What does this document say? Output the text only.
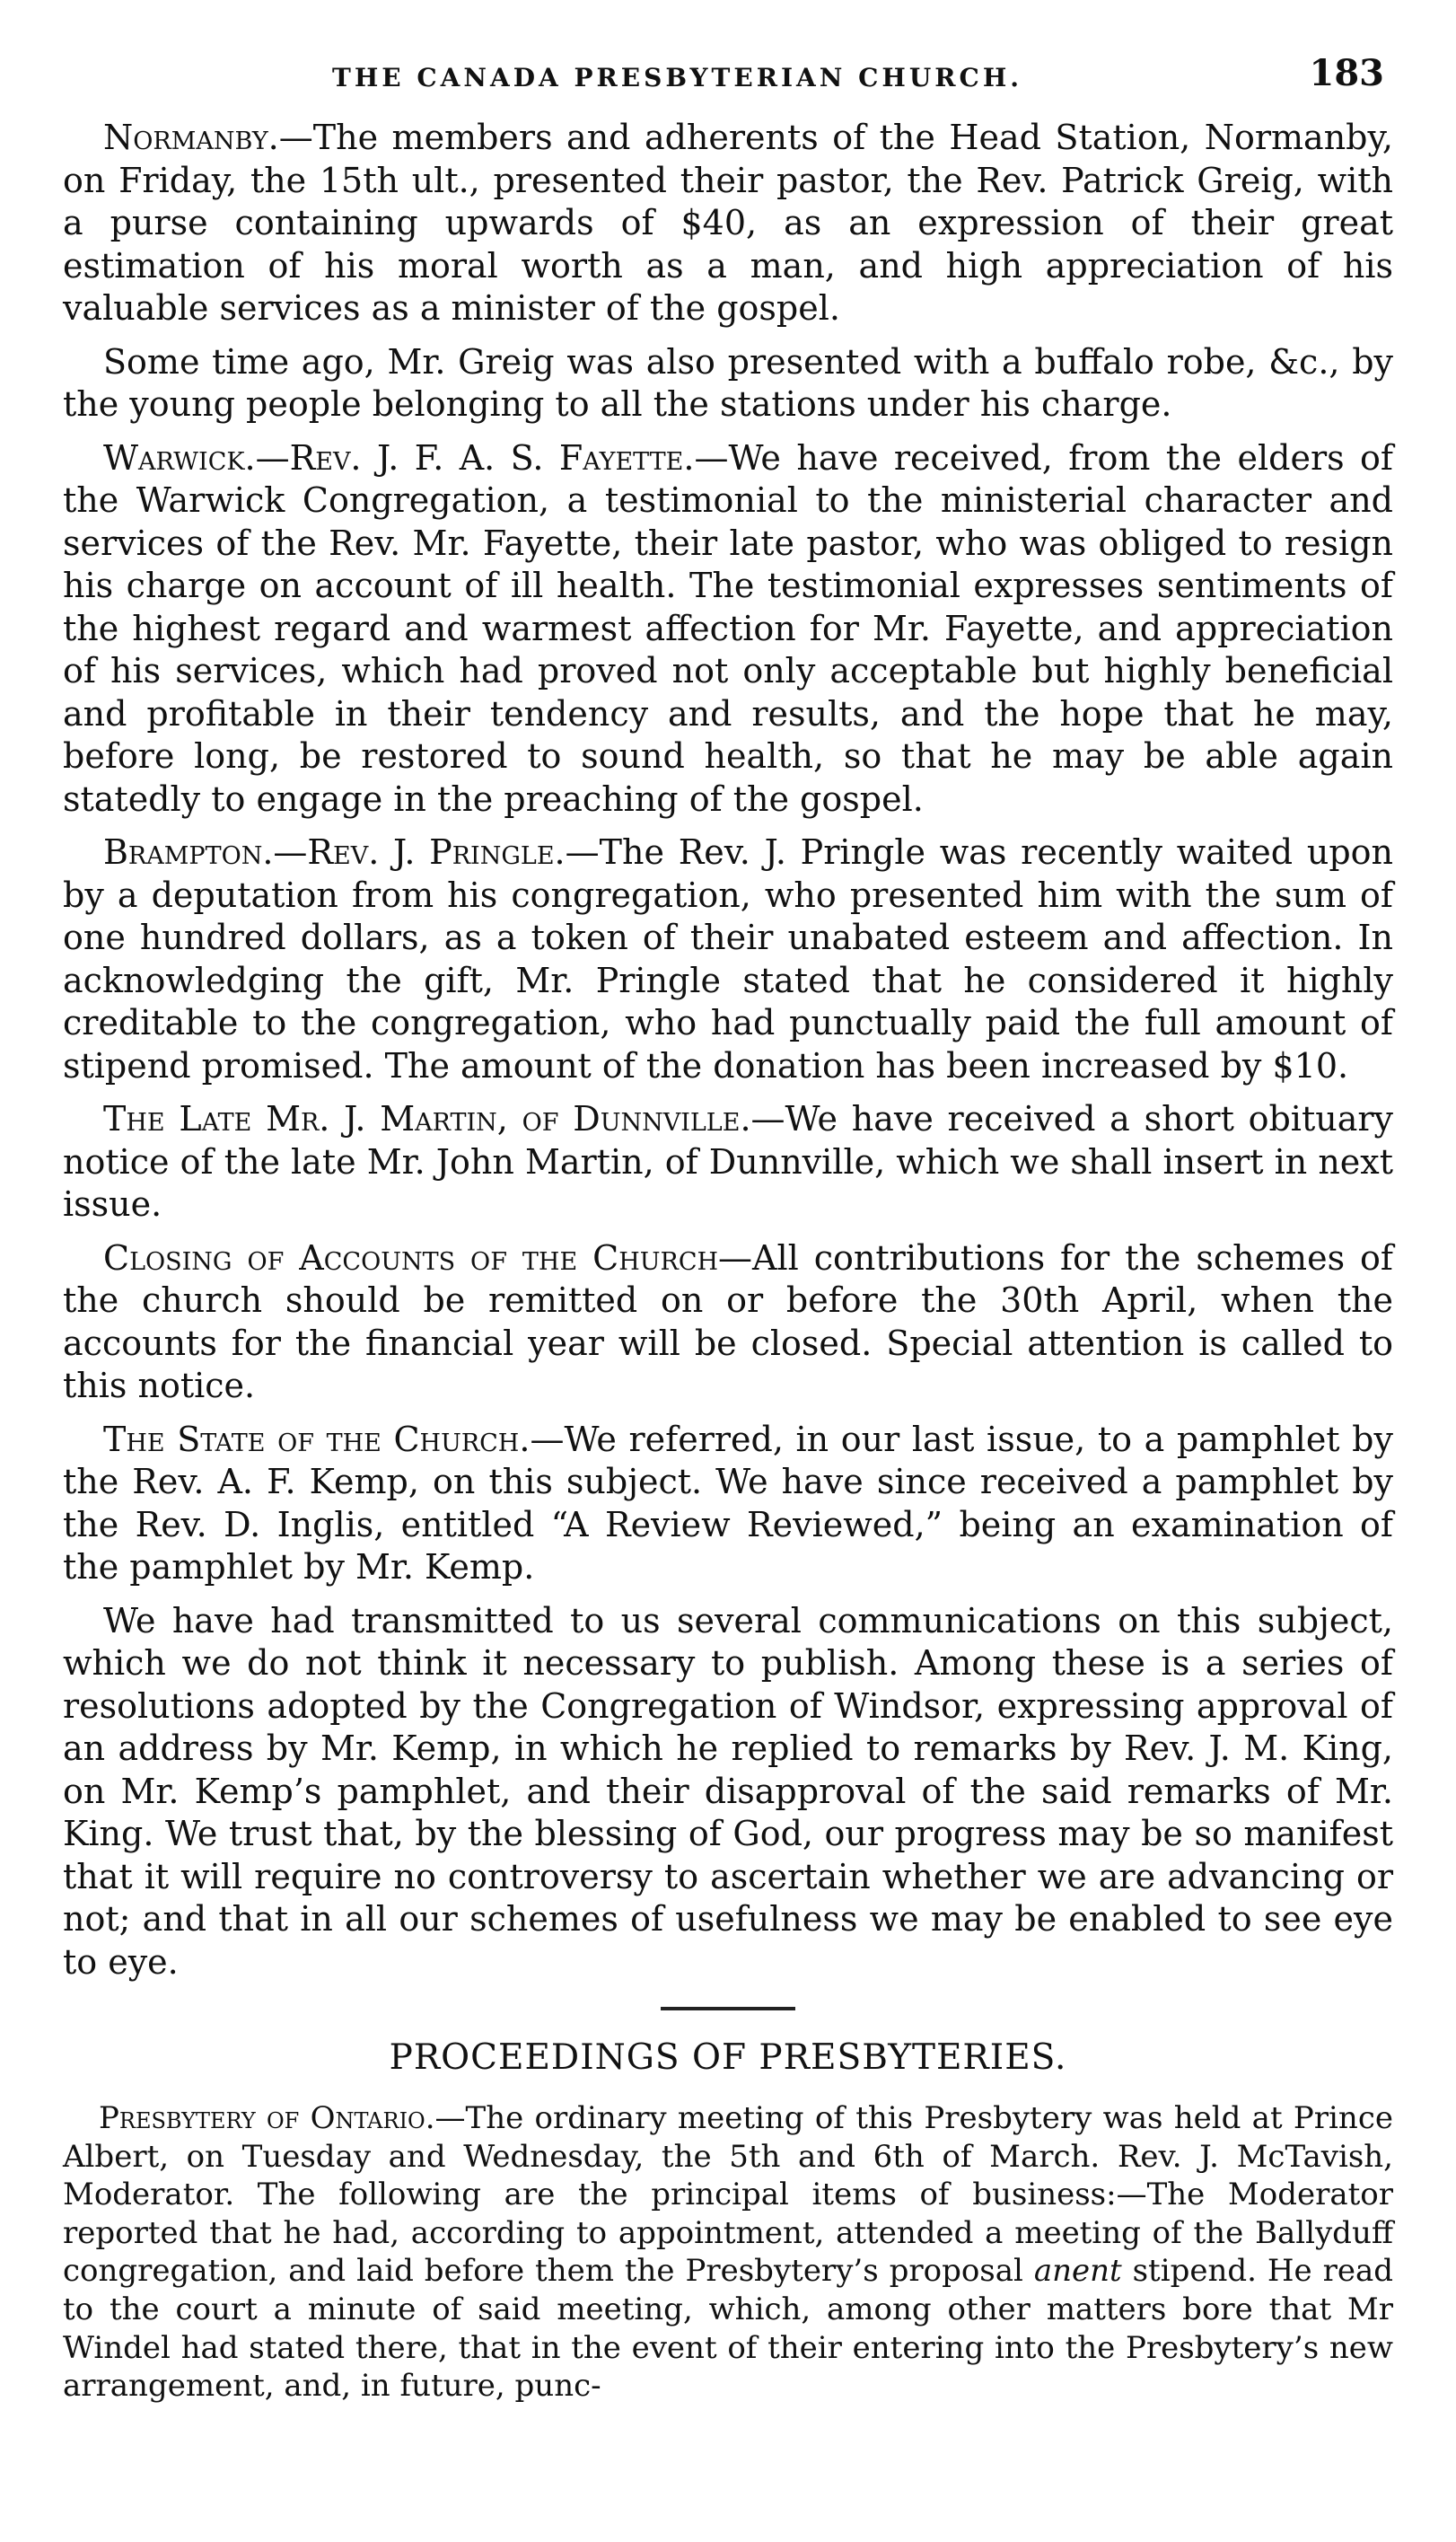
THE CANADA PRESBYTERIAN CHURCH.	183

Normanby.—The members and adherents of the Head Station, Normanby, on Friday, the 15th ult., presented their pastor, the Rev. Patrick Greig, with a purse containing upwards of $40, as an expression of their great estimation of his moral worth as a man, and high appreciation of his valuable services as a minister of the gospel.

Some time ago, Mr. Greig was also presented with a buffalo robe, &c., by the young people belonging to all the stations under his charge.

Warwick.—Rev. J. F. A. S. Fayette.—We have received, from the elders of the Warwick Congregation, a testimonial to the ministerial character and services of the Rev. Mr. Fayette, their late pastor, who was obliged to resign his charge on account of ill health. The testimonial expresses sentiments of the highest regard and warmest affection for Mr. Fayette, and appreciation of his services, which had proved not only acceptable but highly beneficial and profitable in their tendency and results, and the hope that he may, before long, be restored to sound health, so that he may be able again statedly to engage in the preaching of the gospel.

Brampton.—Rev. J. Pringle.—The Rev. J. Pringle was recently waited upon by a deputation from his congregation, who presented him with the sum of one hundred dollars, as a token of their unabated esteem and affection. In acknowledging the gift, Mr. Pringle stated that he considered it highly creditable to the congregation, who had punctually paid the full amount of stipend promised. The amount of the donation has been increased by $10.

The Late Mr. J. Martin, of Dunnville.—We have received a short obituary notice of the late Mr. John Martin, of Dunnville, which we shall insert in next issue.

Closing of Accounts of the Church—All contributions for the schemes of the church should be remitted on or before the 30th April, when the accounts for the financial year will be closed. Special attention is called to this notice.

The State of the Church.—We referred, in our last issue, to a pamphlet by the Rev. A. F. Kemp, on this subject. We have since received a pamphlet by the Rev. D. Inglis, entitled “A Review Reviewed,” being an examination of the pamphlet by Mr. Kemp.

We have had transmitted to us several communications on this subject, which we do not think it necessary to publish. Among these is a series of resolutions adopted by the Congregation of Windsor, expressing approval of an address by Mr. Kemp, in which he replied to remarks by Rev. J. M. King, on Mr. Kemp’s pamphlet, and their disapproval of the said remarks of Mr. King. We trust that, by the blessing of God, our progress may be so manifest that it will require no controversy to ascertain whether we are advancing or not; and that in all our schemes of usefulness we may be enabled to see eye to eye.

PROCEEDINGS OF PRESBYTERIES.

Presbytery of Ontario.—The ordinary meeting of this Presbytery was held at Prince Albert, on Tuesday and Wednesday, the 5th and 6th of March. Rev. J. McTavish, Moderator. The following are the principal items of business:—The Moderator reported that he had, according to appointment, attended a meeting of the Ballyduff congregation, and laid before them the Presbytery’s proposal anent stipend. He read to the court a minute of said meeting, which, among other matters bore that Mr Windel had stated there, that in the event of their entering into the Presbytery’s new arrangement, and, in future, punc-
